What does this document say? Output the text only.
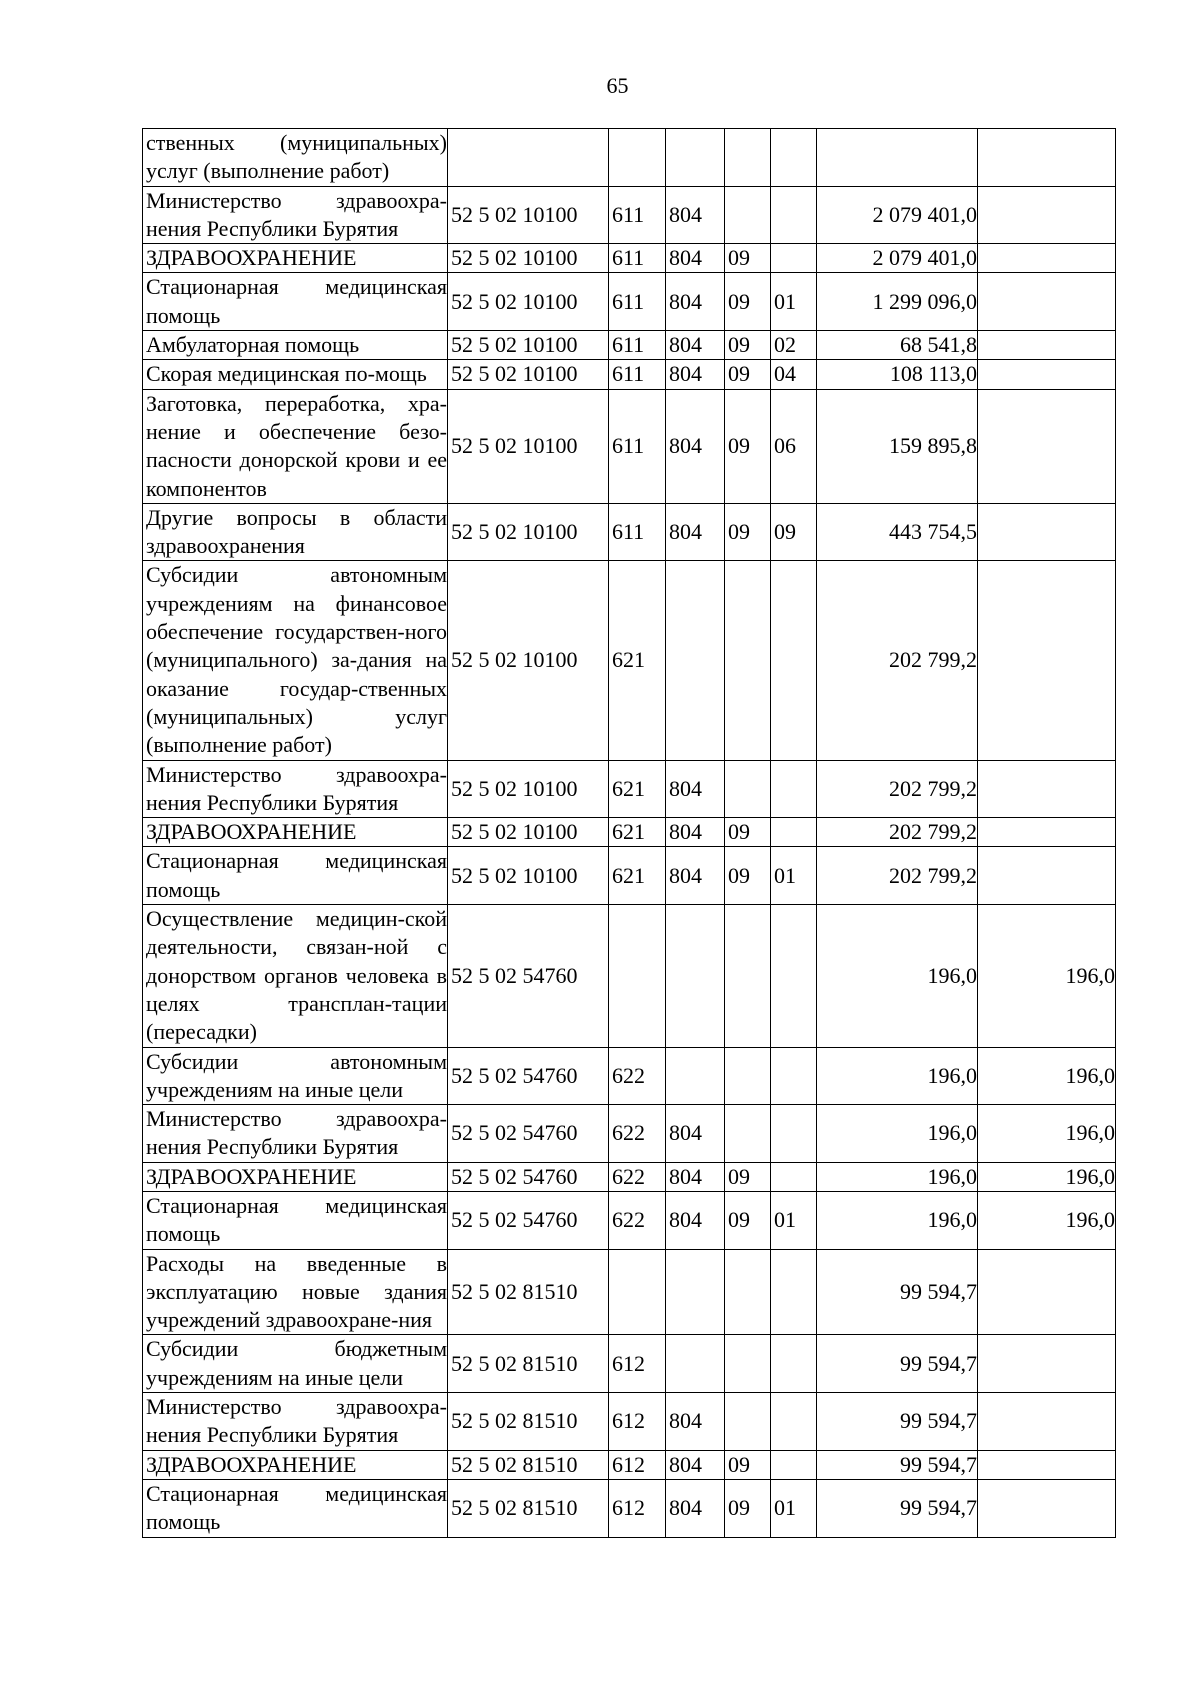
65
ственных (муниципальных) услуг (выполнение работ)							
Министерство здравоохра-нения Республики Бурятия	52 5 02 10100	611	804			2 079 401,0	
ЗДРАВООХРАНЕНИЕ	52 5 02 10100	611	804	09		2 079 401,0	
Стационарная медицинская помощь	52 5 02 10100	611	804	09	01	1 299 096,0	
Амбулаторная помощь	52 5 02 10100	611	804	09	02	68 541,8	
Скорая медицинская по-мощь	52 5 02 10100	611	804	09	04	108 113,0	
Заготовка, переработка, хра-нение и обеспечение безо-пасности донорской крови и ее компонентов	52 5 02 10100	611	804	09	06	159 895,8	
Другие вопросы в области здравоохранения	52 5 02 10100	611	804	09	09	443 754,5	
Субсидии автономным учреждениям на финансовое обеспечение государствен-ного (муниципального) за-дания на оказание государ-ственных (муниципальных) услуг (выполнение работ)	52 5 02 10100	621				202 799,2	
Министерство здравоохра-нения Республики Бурятия	52 5 02 10100	621	804			202 799,2	
ЗДРАВООХРАНЕНИЕ	52 5 02 10100	621	804	09		202 799,2	
Стационарная медицинская помощь	52 5 02 10100	621	804	09	01	202 799,2	
Осуществление медицин-ской деятельности, связан-ной с донорством органов человека в целях трансплан-тации (пересадки)	52 5 02 54760					196,0	196,0
Субсидии автономным учреждениям на иные цели	52 5 02 54760	622				196,0	196,0
Министерство здравоохра-нения Республики Бурятия	52 5 02 54760	622	804			196,0	196,0
ЗДРАВООХРАНЕНИЕ	52 5 02 54760	622	804	09		196,0	196,0
Стационарная медицинская помощь	52 5 02 54760	622	804	09	01	196,0	196,0
Расходы на введенные в эксплуатацию новые здания учреждений здравоохране-ния	52 5 02 81510					99 594,7	
Субсидии бюджетным учреждениям на иные цели	52 5 02 81510	612				99 594,7	
Министерство здравоохра-нения Республики Бурятия	52 5 02 81510	612	804			99 594,7	
ЗДРАВООХРАНЕНИЕ	52 5 02 81510	612	804	09		99 594,7	
Стационарная медицинская помощь	52 5 02 81510	612	804	09	01	99 594,7	
